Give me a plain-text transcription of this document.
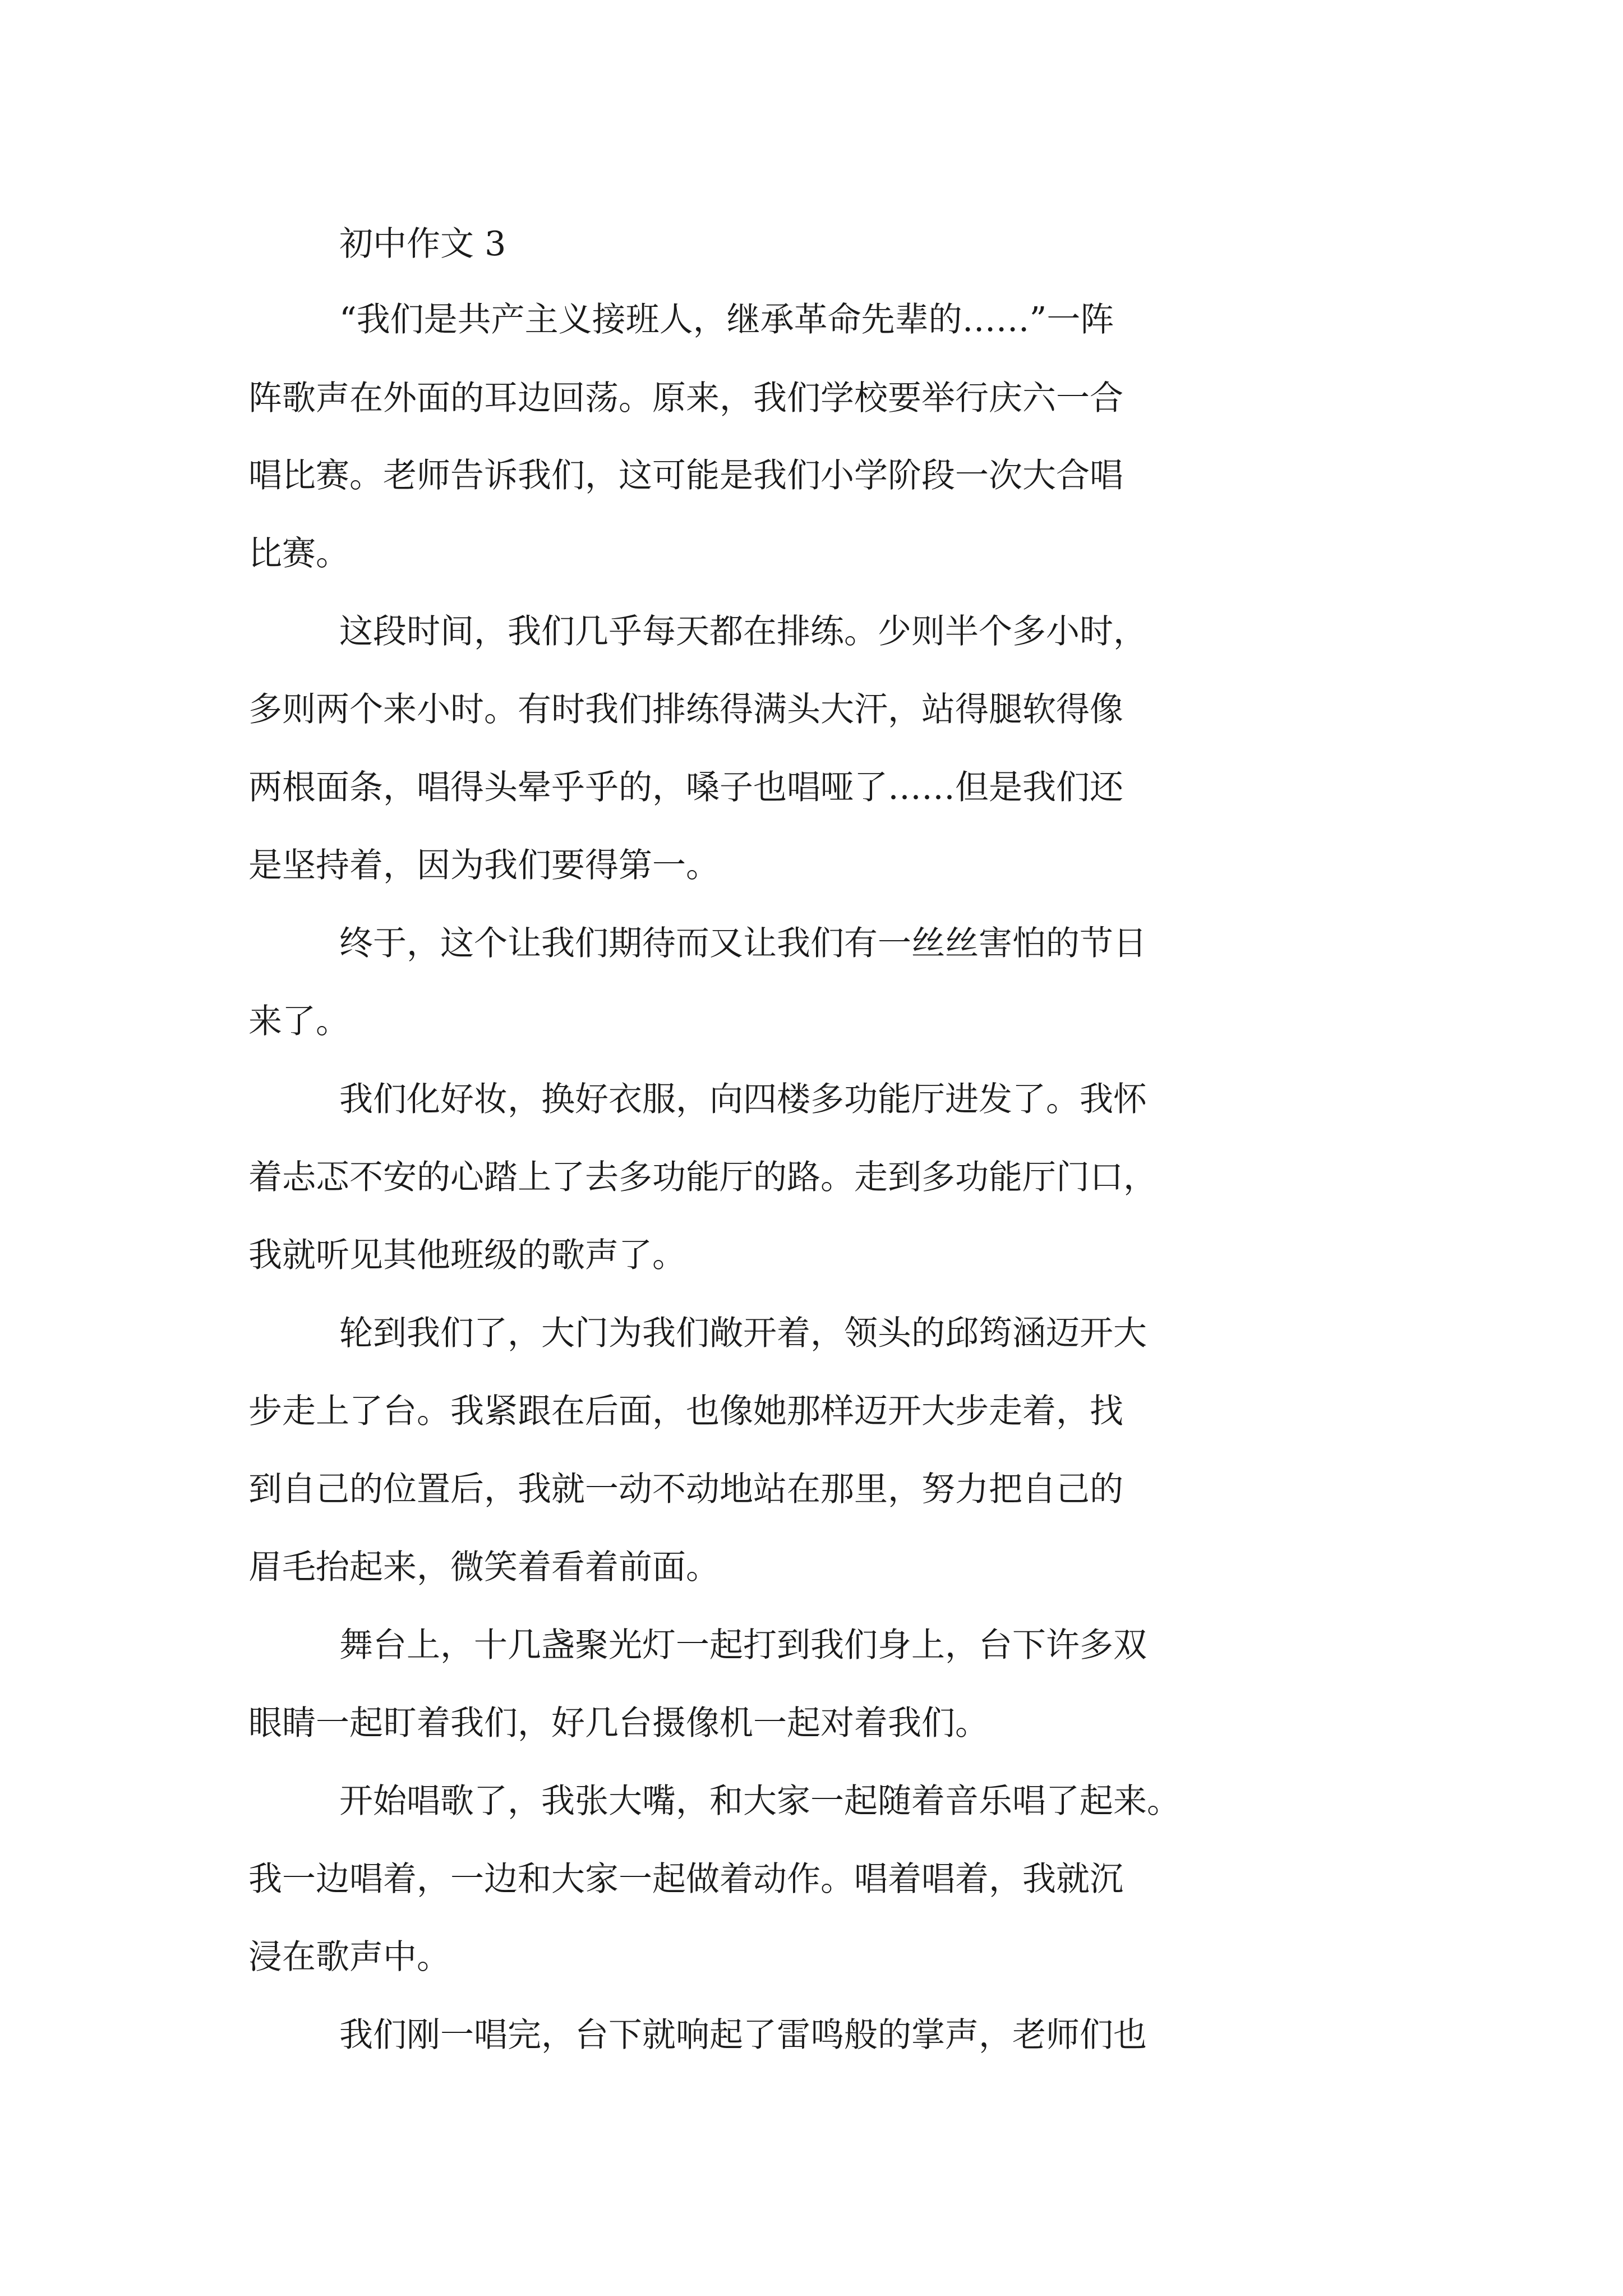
初中作文 3
“我们是共产主义接班人，继承革命先辈的……”一阵
阵歌声在外面的耳边回荡。原来，我们学校要举行庆六一合
唱比赛。老师告诉我们，这可能是我们小学阶段一次大合唱
比赛。
这段时间，我们几乎每天都在排练。少则半个多小时，
多则两个来小时。有时我们排练得满头大汗，站得腿软得像
两根面条，唱得头晕乎乎的，嗓子也唱哑了……但是我们还
是坚持着，因为我们要得第一。
终于，这个让我们期待而又让我们有一丝丝害怕的节日
来了。
我们化好妆，换好衣服，向四楼多功能厅进发了。我怀
着忐忑不安的心踏上了去多功能厅的路。走到多功能厅门口，
我就听见其他班级的歌声了。
轮到我们了，大门为我们敞开着，领头的邱筠涵迈开大
步走上了台。我紧跟在后面，也像她那样迈开大步走着，找
到自己的位置后，我就一动不动地站在那里，努力把自己的
眉毛抬起来，微笑着看着前面。
舞台上，十几盏聚光灯一起打到我们身上，台下许多双
眼睛一起盯着我们，好几台摄像机一起对着我们。
开始唱歌了，我张大嘴，和大家一起随着音乐唱了起来。
我一边唱着，一边和大家一起做着动作。唱着唱着，我就沉
浸在歌声中。
我们刚一唱完，台下就响起了雷鸣般的掌声，老师们也
